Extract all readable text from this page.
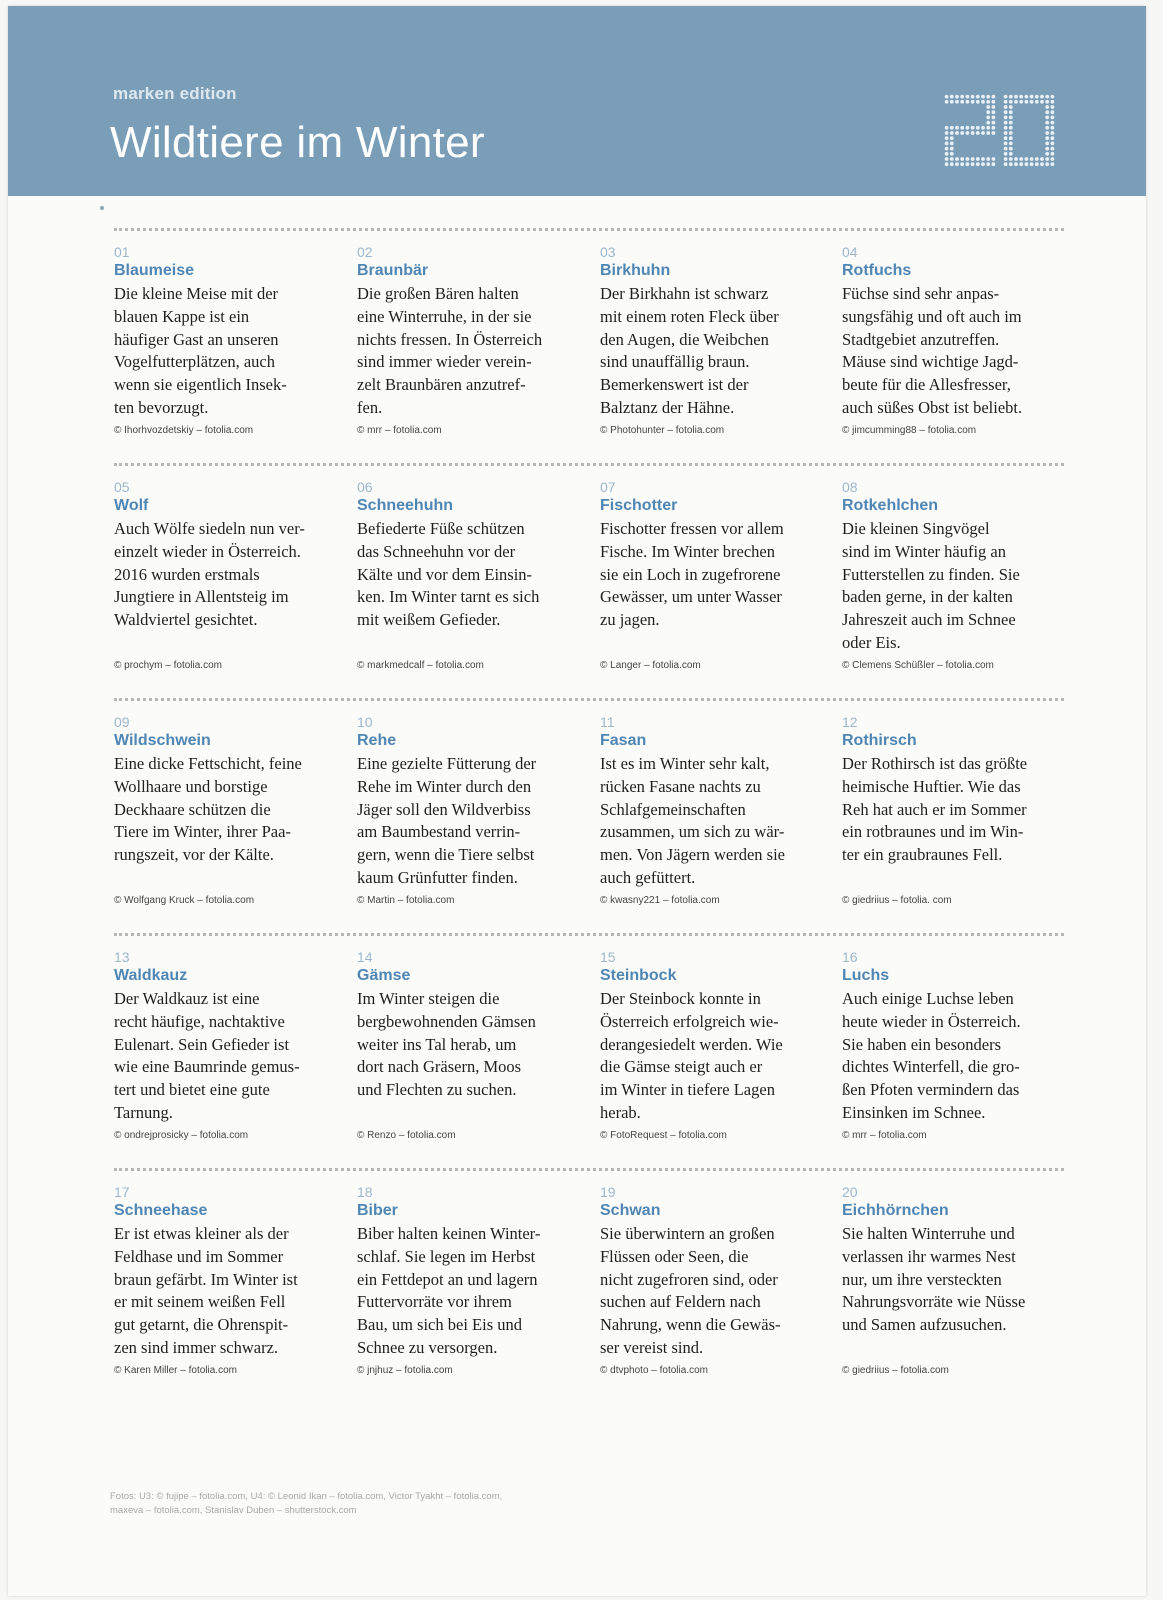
marken edition
Wildtiere im Winter
01
Blaumeise
Die kleine Meise mit der
blauen Kappe ist ein
häufiger Gast an unseren
Vogelfutterplätzen, auch
wenn sie eigentlich Insek-
ten bevorzugt.
© Ihorhvozdetskiy – fotolia.com
02
Braunbär
Die großen Bären halten
eine Winterruhe, in der sie
nichts fressen. In Österreich
sind immer wieder verein-
zelt Braunbären anzutref-
fen.
© mrr – fotolia.com
03
Birkhuhn
Der Birkhahn ist schwarz
mit einem roten Fleck über
den Augen, die Weibchen
sind unauffällig braun.
Bemerkenswert ist der
Balztanz der Hähne.
© Photohunter – fotolia.com
04
Rotfuchs
Füchse sind sehr anpas-
sungsfähig und oft auch im
Stadtgebiet anzutreffen.
Mäuse sind wichtige Jagd-
beute für die Allesfresser,
auch süßes Obst ist beliebt.
© jimcumming88 – fotolia.com
05
Wolf
Auch Wölfe siedeln nun ver-
einzelt wieder in Österreich.
2016 wurden erstmals
Jungtiere in Allentsteig im
Waldviertel gesichtet.
© prochym – fotolia.com
06
Schneehuhn
Befiederte Füße schützen
das Schneehuhn vor der
Kälte und vor dem Einsin-
ken. Im Winter tarnt es sich
mit weißem Gefieder.
© markmedcalf – fotolia.com
07
Fischotter
Fischotter fressen vor allem
Fische. Im Winter brechen
sie ein Loch in zugefrorene
Gewässer, um unter Wasser
zu jagen.
© Langer – fotolia.com
08
Rotkehlchen
Die kleinen Singvögel
sind im Winter häufig an
Futterstellen zu finden. Sie
baden gerne, in der kalten
Jahreszeit auch im Schnee
oder Eis.
© Clemens Schüßler – fotolia.com
09
Wildschwein
Eine dicke Fettschicht, feine
Wollhaare und borstige
Deckhaare schützen die
Tiere im Winter, ihrer Paa-
rungszeit, vor der Kälte.
© Wolfgang Kruck – fotolia.com
10
Rehe
Eine gezielte Fütterung der
Rehe im Winter durch den
Jäger soll den Wildverbiss
am Baumbestand verrin-
gern, wenn die Tiere selbst
kaum Grünfutter finden.
© Martin – fotolia.com
11
Fasan
Ist es im Winter sehr kalt,
rücken Fasane nachts zu
Schlafgemeinschaften
zusammen, um sich zu wär-
men. Von Jägern werden sie
auch gefüttert.
© kwasny221 – fotolia.com
12
Rothirsch
Der Rothirsch ist das größte
heimische Huftier. Wie das
Reh hat auch er im Sommer
ein rotbraunes und im Win-
ter ein graubraunes Fell.
© giedriius – fotolia. com
13
Waldkauz
Der Waldkauz ist eine
recht häufige, nachtaktive
Eulenart. Sein Gefieder ist
wie eine Baumrinde gemus-
tert und bietet eine gute
Tarnung.
© ondrejprosicky – fotolia.com
14
Gämse
Im Winter steigen die
bergbewohnenden Gämsen
weiter ins Tal herab, um
dort nach Gräsern, Moos
und Flechten zu suchen.
© Renzo – fotolia.com
15
Steinbock
Der Steinbock konnte in
Österreich erfolgreich wie-
derangesiedelt werden. Wie
die Gämse steigt auch er
im Winter in tiefere Lagen
herab.
© FotoRequest – fotolia.com
16
Luchs
Auch einige Luchse leben
heute wieder in Österreich.
Sie haben ein besonders
dichtes Winterfell, die gro-
ßen Pfoten vermindern das
Einsinken im Schnee.
© mrr – fotolia.com
17
Schneehase
Er ist etwas kleiner als der
Feldhase und im Sommer
braun gefärbt. Im Winter ist
er mit seinem weißen Fell
gut getarnt, die Ohrenspit-
zen sind immer schwarz.
© Karen Miller – fotolia.com
18
Biber
Biber halten keinen Winter-
schlaf. Sie legen im Herbst
ein Fettdepot an und lagern
Futtervorräte vor ihrem
Bau, um sich bei Eis und
Schnee zu versorgen.
© jnjhuz – fotolia.com
19
Schwan
Sie überwintern an großen
Flüssen oder Seen, die
nicht zugefroren sind, oder
suchen auf Feldern nach
Nahrung, wenn die Gewäs-
ser vereist sind.
© dtvphoto – fotolia.com
20
Eichhörnchen
Sie halten Winterruhe und
verlassen ihr warmes Nest
nur, um ihre versteckten
Nahrungsvorräte wie Nüsse
und Samen aufzusuchen.
© giedriius – fotolia.com
Fotos: U3: © fujipe – fotolia.com, U4: © Leonid Ikan – fotolia.com, Victor Tyakht – fotolia.com,
maxeva – fotolia.com, Stanislav Duben – shutterstock.com
